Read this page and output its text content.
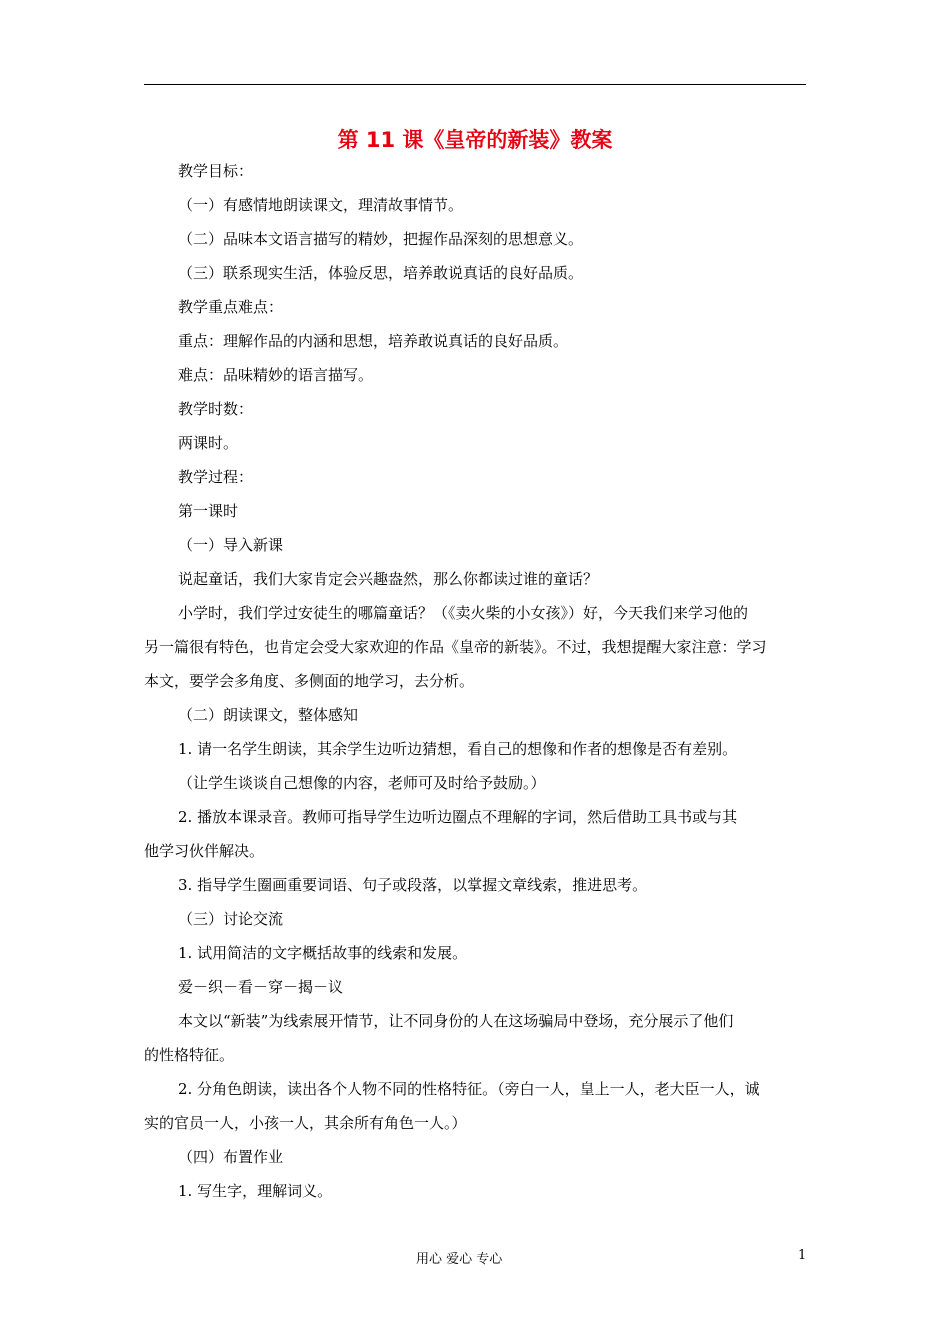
第 11 课《皇帝的新装》教案
教学目标：
（一）有感情地朗读课文，理清故事情节。
（二）品味本文语言描写的精妙，把握作品深刻的思想意义。
（三）联系现实生活，体验反思，培养敢说真话的良好品质。
教学重点难点：
重点：理解作品的内涵和思想，培养敢说真话的良好品质。
难点：品味精妙的语言描写。
教学时数：
两课时。
教学过程：
第一课时
（一）导入新课
说起童话，我们大家肯定会兴趣盎然，那么你都读过谁的童话？
小学时，我们学过安徒生的哪篇童话？（《卖火柴的小女孩》）好，今天我们来学习他的
另一篇很有特色，也肯定会受大家欢迎的作品《皇帝的新装》。不过，我想提醒大家注意：学习
本文，要学会多角度、多侧面的地学习，去分析。
（二）朗读课文，整体感知
1. 请一名学生朗读，其余学生边听边猜想，看自己的想像和作者的想像是否有差别。
（让学生谈谈自己想像的内容，老师可及时给予鼓励。）
2. 播放本课录音。教师可指导学生边听边圈点不理解的字词，然后借助工具书或与其
他学习伙伴解决。
3. 指导学生圈画重要词语、句子或段落，以掌握文章线索，推进思考。
（三）讨论交流
1. 试用简洁的文字概括故事的线索和发展。
爱－织－看－穿－揭－议
本文以“新装”为线索展开情节，让不同身份的人在这场骗局中登场，充分展示了他们
的性格特征。
2. 分角色朗读，读出各个人物不同的性格特征。（旁白一人，皇上一人，老大臣一人，诚
实的官员一人，小孩一人，其余所有角色一人。）
（四）布置作业
1. 写生字，理解词义。
用心 爱心 专心	1
